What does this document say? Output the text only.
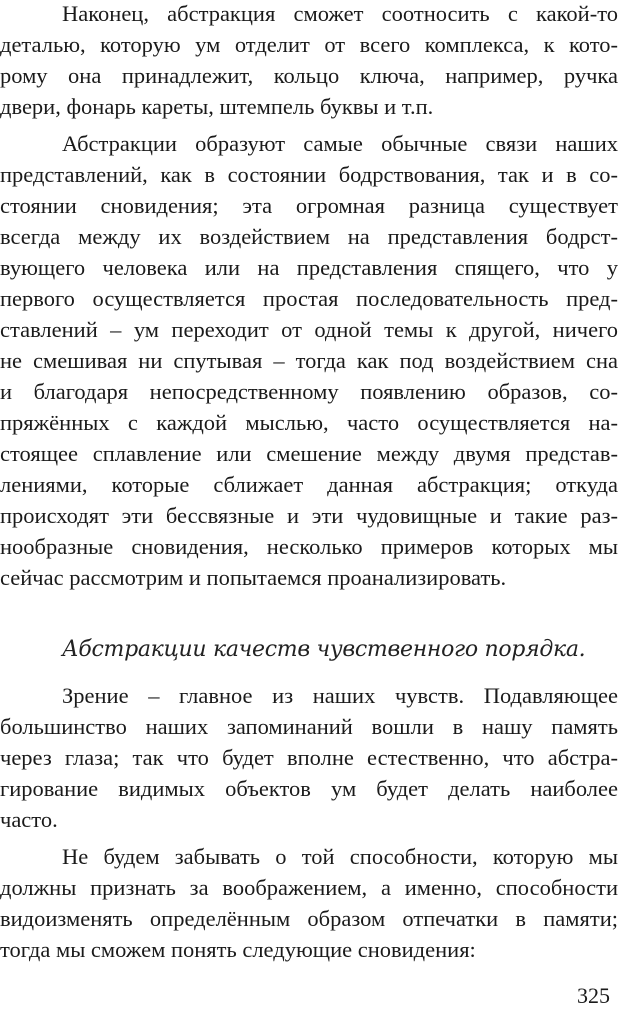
Наконец, абстракция сможет соотносить с какой-то
деталью, которую ум отделит от всего комплекса, к кото-
рому она принадлежит, кольцо ключа, например, ручка
двери, фонарь кареты, штемпель буквы и т.п.
Абстракции образуют самые обычные связи наших
представлений, как в состоянии бодрствования, так и в со-
стоянии сновидения; эта огромная разница существует
всегда между их воздействием на представления бодрст-
вующего человека или на представления спящего, что у
первого осуществляется простая последовательность пред-
ставлений – ум переходит от одной темы к другой, ничего
не смешивая ни спутывая – тогда как под воздействием сна
и благодаря непосредственному появлению образов, со-
пряжённых с каждой мыслью, часто осуществляется на-
стоящее сплавление или смешение между двумя представ-
лениями, которые сближает данная абстракция; откуда
происходят эти бессвязные и эти чудовищные и такие раз-
нообразные сновидения, несколько примеров которых мы
сейчас рассмотрим и попытаемся проанализировать.
Абстракции качеств чувственного порядка.
Зрение – главное из наших чувств. Подавляющее
большинство наших запоминаний вошли в нашу память
через глаза; так что будет вполне естественно, что абстра-
гирование видимых объектов ум будет делать наиболее
часто.
Не будем забывать о той способности, которую мы
должны признать за воображением, а именно, способности
видоизменять определённым образом отпечатки в памяти;
тогда мы сможем понять следующие сновидения:
325
